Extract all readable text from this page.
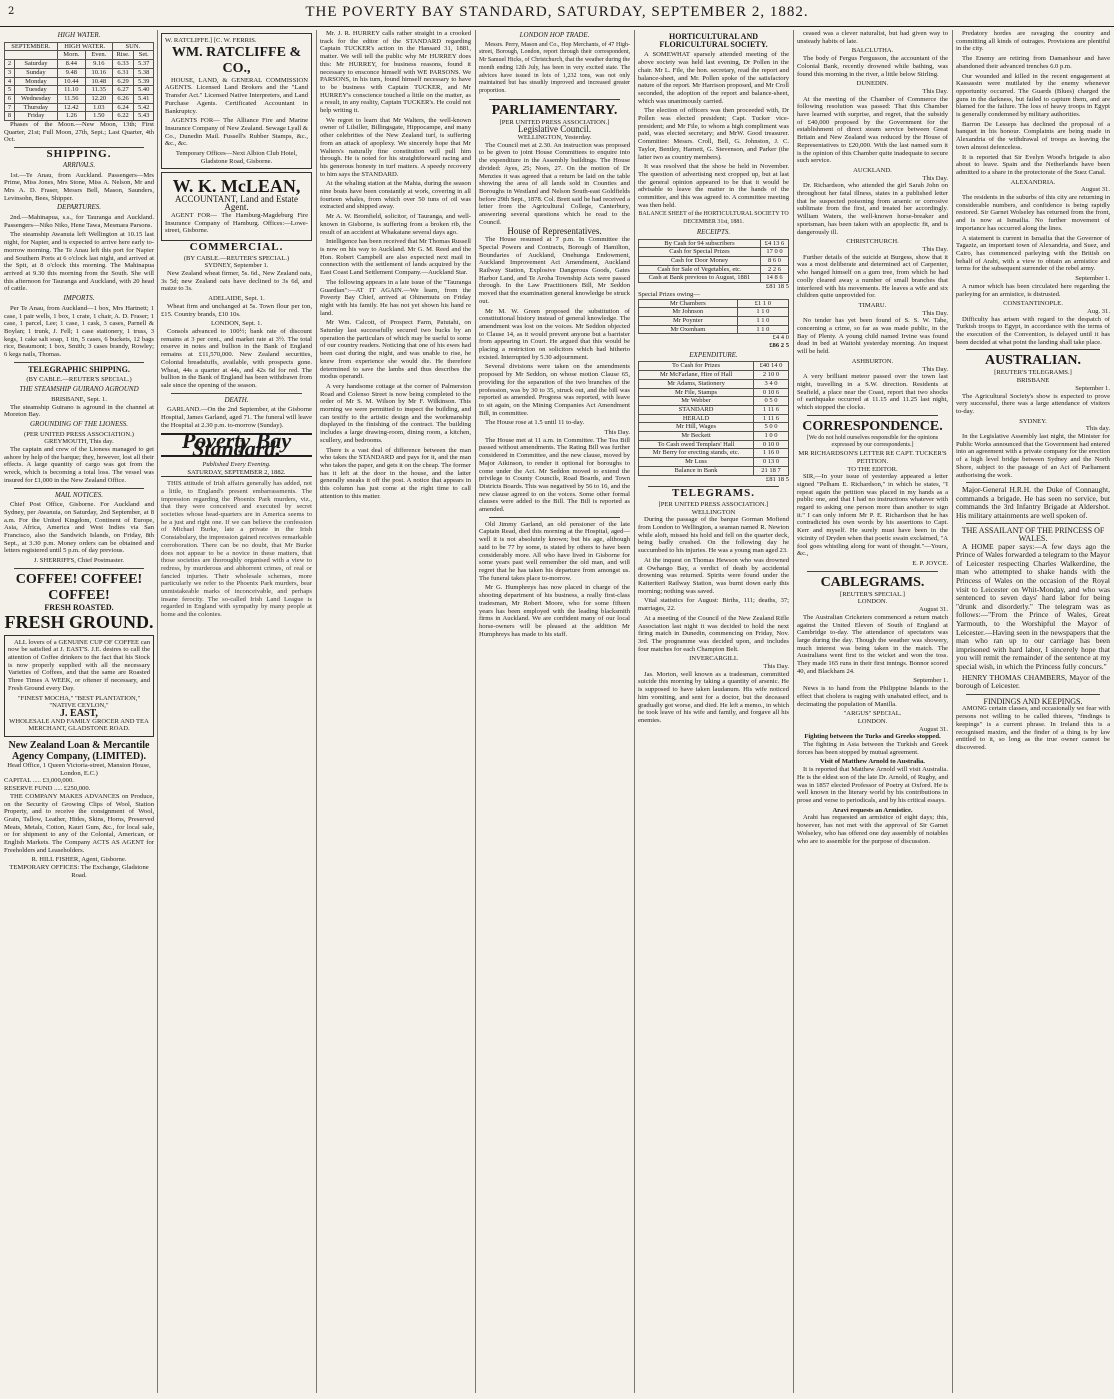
2	THE POVERTY BAY STANDARD, SATURDAY, SEPTEMBER 2, 1882.
HIGH WATER.
SEPTEMBER.		HIGH WATER.		SUN.	
		Morn.	Even.	Rise.	Set.
2	Saturday	8.44	9.16	6.33	5.37
3	Sunday	9.48	10.16	6.31	5.38
4	Monday	10.44	10.48	6.29	5.39
5	Tuesday	11.10	11.35	6.27	5.40
6	Wednesday	11.56	12.20	6.26	5.41
7	Thursday	12.42	1.03	6.24	5.42
8	Friday	1.26	1.50	6.22	5.43

Phases of the Moon.—New Moon, 13th; First Quarter, 21st; Full Moon, 27th, Sept.; Last Quarter, 4th Oct.

SHIPPING.
ARRIVALS.

1st.—Te Anau, from Auckland. Passengers—Mrs Prime, Miss Jones, Mrs Stone, Miss A. Nelson, Mr and Mrs A. D. Fraser, Messrs Bell, Mason, Saunders, Levinsohn, Bees, Shipper.

DEPARTURES.

2nd.—Mahinapua, s.s., for Tauranga and Auckland. Passengers—Niko Niko, Hene Tawa, Mesmara Parsons.

The steamship Awanuia left Wellington at 10.15 last night, for Napier, and is expected to arrive here early to-morrow morning. The Te Anau left this port for Napier and Southern Ports at 6 o'clock last night, and arrived at the Spit, at 8 o'clock this morning. The Mahinapua arrived at 9.30 this morning from the South. She will this afternoon for Tauranga and Auckland, with 20 head of cattle.

IMPORTS.

Per Te Anau, from Auckland—1 box, Mrs Hartnett; 1 case, 1 pair wells, 1 box, 1 crate, 1 chair, A. D. Fraser; 1 case, 1 parcel, Lee; 1 case, 1 cask, 3 cases, Parnell & Boylan; 1 trunk, J. Fell; 1 case stationery, 1 truss, 3 kegs, 1 cake salt soap, 1 tin, 5 cases, 6 buckets, 12 bags rice, Beaumont; 1 box, Smith; 3 cases brandy, Rowley; 6 kegs nails, Thomas.

TELEGRAPHIC SHIPPING.
(BY CABLE.—REUTER'S SPECIAL.)
THE STEAMSHIP GUIRANO AGROUND
BRISBANE, Sept. 1.

The steamship Guirano is aground in the channel at Moreton Bay.

GROUNDING OF THE LIONESS.
(PER UNITED PRESS ASSOCIATION.)
GREYMOUTH, This day.

The captain and crew of the Lioness managed to get ashore by help of the barque; they, however, lost all their effects. A large quantity of cargo was got from the wreck, which is becoming a total loss. The vessel was insured for £1,000 in the New Zealand Office.

MAIL NOTICES.

Chief Post Office, Gisborne. For Auckland and Sydney, per Awanuia, on Saturday, 2nd September, at 8 a.m. For the United Kingdom, Continent of Europe, Asia, Africa, America and West Indies via San Francisco, also the Sandwich Islands, on Friday, 8th Sept., at 3.30 p.m. Money orders can be obtained and letters registered until 5 p.m. of day previous.

J. SHERRIFFS, Chief Postmaster.
COFFEE! COFFEE! COFFEE!
FRESH ROASTED.
FRESH GROUND.

ALL lovers of a GENUINE CUP OF COFFEE can now be satisfied at J. EAST'S. J.E. desires to call the attention of Coffee drinkers to the fact that his Stock is now properly supplied with all the necessary Varieties of Coffees, and that the same are Roasted Three Times A WEEK, or oftener if necessary, and Fresh Ground every Day.

"FINEST MOCHA," "BEST PLANTATION," "NATIVE CEYLON,"
J. EAST,
WHOLESALE AND FAMILY GROCER AND TEA MERCHANT, GLADSTONE ROAD.
New Zealand Loan & Mercantile Agency Company, (LIMITED).
Head Office, 1 Queen Victoria-street, Mansion House, London, E.C.)
CAPITAL ..... £3,000,000.
RESERVE FUND ..... £250,000.

THE COMPANY MAKES ADVANCES on Produce, on the Security of Growing Clips of Wool, Station Property, and to receive the consignment of Wool, Grain, Tallow, Leather, Hides, Skins, Horns, Preserved Meats, Metals, Cotton, Kauri Gum, &c., for local sale, or for shipment to any of the Colonial, American, or English Markets. The Company ACTS AS AGENT for Freeholders and Leaseholders.

R. HILL FISHER, Agent, Gisborne.
TEMPORARY OFFICES: The Exchange, Gladstone Road.
W. RATCLIFFE.] [C. W. FERRIS.
WM. RATCLIFFE & CO.,

HOUSE, LAND, & GENERAL COMMISSION AGENTS. Licensed Land Brokers and the "Land Transfer Act." Licensed Native Interpreters, and Land Purchase Agents. Certificated Accountant in Bankruptcy.

AGENTS FOR— The Alliance Fire and Marine Insurance Company of New Zealand. Sewage Lyall & Co., Dunedin Mail. Fussell's Rubber Stamps, &c., &c., &c.

Temporary Offices—Next Albion Club Hotel, Gladstone Road, Gisborne.
W. K. McLEAN,
ACCOUNTANT, Land and Estate Agent.

AGENT FOR— The Hamburg-Magdeburg Fire Insurance Company of Hamburg. Offices:—Lowe-street, Gisborne.

COMMERCIAL.
(BY CABLE.—REUTER'S SPECIAL.)
SYDNEY, September 1.

New Zealand wheat firmer, 5s. 6d., New Zealand oats, 3s 5d; new Zealand oats have declined to 3s 6d, and maize to 3s.

ADELAIDE, Sept. 1.

Wheat firm and unchanged at 5s. Town flour per ton, £15. Country brands, £10 10s.

LONDON, Sept. 1.

Consols advanced to 100½; bank rate of discount remains at 3 per cent., and market rate at 3½. The total reserve in notes and bullion in the Bank of England remains at £11,570,000. New Zealand securities, Colonial breadstuffs, available, with prospects gone. Wheat, 44s a quarter at 44s, and 42s 6d for red. The bullion in the Bank of England has been withdrawn from sale since the opening of the season.

DEATH.

GARLAND.—On the 2nd September, at the Gisborne Hospital, James Garland, aged 71. The funeral will leave the Hospital at 2.30 p.m. to-morrow (Sunday).

Poverty Bay Standard.
Published Every Evening.
SATURDAY, SEPTEMBER 2, 1882.

THIS attitude of Irish affairs generally has added, not a little, to England's present embarrassments. The impression regarding the Phoenix Park murders, viz., that they were conceived and executed by secret societies whose head-quarters are in America seems to be a just and right one. If we can believe the confession of Michael Burke, late a private in the Irish Constabulary, the impression gained receives remarkable corroboration. There can be no doubt, that Mr Burke does not appear to be a novice in these matters, that those societies are thoroughly organised with a view to redress, by murderous and abhorrent crimes, of real or fancied injuries. Their wholesale schemes, more particularly we refer to the Phoenix Park murders, bear unmistakeable marks of inconceivable, and perhaps insane ferocity. The so-called Irish Land League is regarded in England with sympathy by many people at home and the colonies.

Mr. J. R. HURREY calls rather straight in a crooked track for the editor of the STANDARD regarding Captain TUCKER's action in the Hansard 31, 1881, matter. We will tell the public why Mr HURREY does this: Mr HURREY, for business reasons, found it necessary to ensconce himself with WE PARSONS. We PARSONS, in his turn, found himself necessary to have to be business with Captain TUCKER, and Mr HURREY's conscience touched a little on the matter, as a result, in any reality, Captain TUCKER's. He could not help writing it.

We regret to learn that Mr Walters, the well-known owner of Lilsiller, Billingsgate, Hippocampe, and many other celebrities of the New Zealand turf, is suffering from an attack of apoplexy. We sincerely hope that Mr Walters's naturally fine constitution will pull him through. He is noted for his straightforward racing and his generous honesty in turf matters. A speedy recovery to him says the STANDARD.

At the whaling station at the Mahia, during the season nine boats have been constantly at work, covering in all fourteen whales, from which over 50 tuns of oil was extracted and shipped away.

Mr A. W. Bromfield, solicitor, of Tauranga, and well-known in Gisborne, is suffering from a broken rib, the result of an accident at Whakatane several days ago.

Intelligence has been received that Mr Thomas Russell is now on his way to Auckland. Mr G. M. Reed and the Hon. Robert Campbell are also expected next mail in connection with the settlement of lands acquired by the East Coast Land Settlement Company.—Auckland Star.

The following appears in a late issue of the "Tauranga Guardian":—AT IT AGAIN.—We learn, from the Poverty Bay Chief, arrived at Ohinemutu on Friday night with his family. He has not yet shown his hand re land.

Mr Wm. Calcott, of Prospect Farm, Patutahi, on Saturday last successfully secured two bucks by an operation the particulars of which may be useful to some of our country readers. Noticing that one of his ewes had been cast during the night, and was unable to rise, he knew from experience she would die. He therefore determined to save the lambs and thus describes the modus operandi.

A very handsome cottage at the corner of Palmerston Road and Colenso Street is now being completed to the order of Mr S. M. Wilson by Mr F. Wilkinson. This morning we were permitted to inspect the building, and can testify to the artistic design and the workmanship displayed in the finishing of the contract. The building includes a large drawing-room, dining room, a kitchen, scullery, and bedrooms.

There is a vast deal of difference between the man who takes the STANDARD and pays for it, and the man who takes the paper, and gets it on the cheap. The former has it left at the door in the house, and the latter generally sneaks it off the post. A notice that appears in this column has just come at the right time to call attention to this matter.

LONDON HOP TRADE.

Messrs. Perry, Mason and Co., Hop Merchants, of 47 High-street, Borough, London, report through their correspondent, Mr Samuel Hicks, of Christchurch, that the weather during the month ending 12th July, has been in very excited state. The advices have issued in lots of 1,232 tons, was not only maintained but has steadily improved and increased greater proportion.

PARLIAMENTARY.
[PER UNITED PRESS ASSOCIATION.]
Legislative Council.
WELLINGTON, Yesterday.

The Council met at 2.30. An instruction was proposed to be given to joint House Committees to enquire into the expenditure in the Assembly buildings. The House divided: Ayes, 25; Noes, 27. On the motion of Dr Menzies it was agreed that a return be laid on the table showing the area of all lands sold in Counties and Boroughs in Westland and Nelson South-east Goldfields before 29th Sept., 1878. Col. Brett said he had received a letter from the Agricultural College, Canterbury, answering several questions which he read to the Council.

House of Representatives.

The House resumed at 7 p.m. In Committee the Special Powers and Contracts, Borough of Hamilton, Boundaries of Auckland, Onehunga Endowment, Auckland Improvement Act Amendment, Auckland Railway Station, Explosive Dangerous Goods, Gates Harbor Land, and Te Aroha Township Acts were passed through. In the Law Practitioners Bill, Mr Seddon moved that the examination general knowledge be struck out.

Mr M. W. Green proposed the substitution of constitutional history instead of general knowledge. The amendment was lost on the voices. Mr Seddon objected to Clause 14, as it would prevent anyone but a barrister from appearing in Court. He argued that this would be placing a restriction on solicitors which had hitherto existed. Interrupted by 5.30 adjournment.

Several divisions were taken on the amendments proposed by Mr Seddon, on whose motion Clause 65, providing for the separation of the two branches of the profession, was by 30 to 35, struck out, and the bill was reported as amended. Progress was reported, with leave to sit again, on the Mining Companies Act Amendment Bill, in committee.

The House rose at 1.5 until 11 to-day.

This Day.

The House met at 11 a.m. in Committee. The Tea Bill passed without amendments. The Rating Bill was further considered in Committee, and the new clause, moved by Major Atkinson, to render it optional for boroughs to come under the Act. Mr Seddon moved to extend the privilege to County Councils, Road Boards, and Town Districts Boards. This was negatived by 56 to 16, and the new clause agreed to on the voices. Some other formal clauses were added to the Bill. The Bill is reported as amended.

Old Jimmy Garland, an old pensioner of the late Captain Read, died this morning at the Hospital, aged—well it is not absolutely known; but his age, although said to be 77 by some, is stated by others to have been considerably more. All who have lived in Gisborne for some years past well remember the old man, and will regret that he has taken his departure from amongst us. The funeral takes place to-morrow.

Mr G. Humphreys has now placed in charge of the shooting department of his business, a really first-class tradesman, Mr Robert Moore, who for some fifteen years has been employed with the leading blacksmith firms in Auckland. We are confident many of our local horse-owners will be pleased at the addition Mr Humphreys has made to his staff.

HORTICULTURAL AND FLORICULTURAL SOCIETY.

A SOMEWHAT sparsely attended meeting of the above society was held last evening, Dr Pollen in the chair. Mr L. File, the hon. secretary, read the report and balance-sheet, and Mr. Pollen spoke of the satisfactory nature of the report. Mr Harrison proposed, and Mr Croll seconded, the adoption of the report and balance-sheet, which was unanimously carried.

The election of officers was then proceeded with, Dr Pollen was elected president; Capt. Tucker vice-president; and Mr File, to whom a high compliment was paid, was elected secretary; and MrW. Good treasurer. Committee: Messrs. Croll, Bell, G. Johnston, J. C. Taylor, Bentley, Harnett, G. Stevenson, and Parker (the latter two as country members).

It was resolved that the show be held in November. The question of advertising next cropped up, but at last the general opinion appeared to be that it would be advisable to leave the matter in the hands of the committee, and this was agreed to. A committee meeting was then held.

BALANCE SHEET of the HORTICULTURAL SOCIETY TO DECEMBER 31st, 1881.
RECEIPTS.
By Cash for 94 subscribers	£4 13 6
Cash for Special Prizes	17 0 0
Cash for Door Money	8 6 0
Cash for Sale of Vegetables, etc.	2 2 6
Cash at Bank previous to August, 1881	14 8 6
£81 18 5
Special Prizes owing—
Mr Chambers	£1 1 0
Mr Johnson	1 1 0
Mr Poynter	1 1 0
Mr Oxenham	1 1 0
£4 4 0
£86 2 5
EXPENDITURE.
To Cash for Prizes	£40 14 0
Mr McFarlane, Hire of Hall	2 10 0
Mr Adams, Stationery	3 4 0
Mr File, Stamps	0 10 6
Mr Webber	0 5 0
STANDARD	1 11 6
HERALD	1 11 6
Mr Hill, Wages	5 0 0
Mr Beckett	1 0 0
To Cash owed Templars' Hall	0 10 0
Mr Berry for erecting stands, etc.	1 16 0
Mr Luss	0 13 0
Balance in Bank	21 18 7
£81 18 5
TELEGRAMS.
[PER UNITED PRESS ASSOCIATION.]
WELLINGTON

During the passage of the barque Gorman Mofiend from London to Wellington, a seaman named R. Newton while aloft, missed his hold and fell on the quarter deck, being badly crushed. On the following day he succumbed to his injuries. He was a young man aged 23.

At the inquest on Thomas Hewson who was drowned at Owhango Bay, a verdict of death by accidental drowning was returned. Spirits were found under the Kaiteriteri Railway Station, was burnt down early this morning; nothing was saved.

Vital statistics for August: Births, 111; deaths, 37; marriages, 22.

At a meeting of the Council of the New Zealand Rifle Association last night it was decided to hold the next firing match in Dunedin, commencing on Friday, Nov. 3rd. The programme was decided upon, and includes four matches for each Champion Belt.

INVERCARGILL
This Day.

Jas. Morton, well known as a tradesman, committed suicide this morning by taking a quantity of arsenic. He is supposed to have taken laudanum. His wife noticed him vomiting, and sent for a doctor, but the deceased gradually got worse, and died. He left a memo., in which he took leave of his wife and family, and forgave all his enemies.

ceased was a clever naturalist, but had given way to unsteady habits of late.

BALCLUTHA.

The body of Fergus Fergusson, the accountant of the Colonial Bank, recently drowned while bathing, was found this morning in the river, a little below Stirling.

DUNEDIN.
This Day.

At the meeting of the Chamber of Commerce the following resolution was passed: That this Chamber have learned with surprise, and regret, that the subsidy of £40,000 proposed by the Government for the establishment of direct steam service between Great Britain and New Zealand was reduced by the House of Representatives to £20,000. With the last named sum it is the opinion of this Chamber quite inadequate to secure such service.

AUCKLAND.
This Day.

Dr. Richardson, who attended the girl Sarah John on throughout her fatal illness, states in a published letter that he suspected poisoning from arsenic or corrosive sublimate from the first, and treated her accordingly. William Waters, the well-known horse-breaker and sportsman, has been taken with an apoplectic fit, and is dangerously ill.

CHRISTCHURCH.
This Day.

Further details of the suicide at Burgess, show that it was a most deliberate and determined act of Carpenter, who hanged himself on a gum tree, from which he had coolly cleared away a number of small branches that interfered with his movements. He leaves a wife and six children quite unprovided for.

TIMARU.
This Day.

No tender has yet been found of S. S. W. Tabe, concerning a crime, so far as was made public, in the Bay of Plenty. A young child named Irvine was found dead in bed at Waitohi yesterday morning. An inquest will be held.

ASHBURTON.
This Day.

A very brilliant meteor passed over the town last night, travelling in a S.W. direction. Residents at Seafield, a place near the Coast, report that two shocks of earthquake occurred at 11.15 and 11.25 last night, which stopped the clocks.

CORRESPONDENCE.
[We do not hold ourselves responsible for the opinions expressed by our correspondents.]
MR RICHARDSON'S LETTER RE CAPT. TUCKER'S PETITION.
TO THE EDITOR.

SIR,—In your issue of yesterday appeared a letter signed "Pelham E. Richardson," in which he states, "I repeat again the petition was placed in my hands as a public one, and that I had no instructions whatever with regard to asking one person more than another to sign it." I can only inform Mr P. E. Richardson that he has contradicted his own words by his assertions to Capt. Kerr and myself. He surely must have been in the vicinity of Dryden when that poetic swain exclaimed, "A fool goes whistling along for want of thought."—Yours, &c.,

E. P. JOYCE.
CABLEGRAMS.
[REUTER'S SPECIAL.]
LONDON.
August 31.

The Australian Cricketers commenced a return match against the United Eleven of South of England at Cambridge to-day. The attendance of spectators was large during the day. Though the weather was showery, much interest was being taken in the match. The Australians went first to the wicket and won the toss. They made 165 runs in their first innings. Bonnor scored 40, and Blackham 24.

September 1.

News is to hand from the Philippine Islands to the effect that cholera is raging with unabated effect, and is decimating the population of Manilla.

"ARGUS" SPECIAL.
LONDON.
August 31.
Fighting between the Turks and Greeks stopped.

The fighting in Asia between the Turkish and Greek forces has been stopped by mutual agreement.

Visit of Matthew Arnold to Australia.

It is reported that Matthew Arnold will visit Australia. He is the eldest son of the late Dr. Arnold, of Rugby, and was in 1857 elected Professor of Poetry at Oxford. He is well known in the literary world by his contributions in prose and verse to periodicals, and by his critical essays.

Aravi requests an Armistice.

Arabi has requested an armistice of eight days; this, however, has not met with the approval of Sir Garnet Wolseley, who has offered one day assembly of notables who are to assemble for the purpose of discussion.

Predatory hordes are ravaging the country and committing all kinds of outrages. Provisions are plentiful in the city.

The Enemy are retiring from Damanhour and have abandoned their advanced trenches 6.0 p.m.

Our wounded and killed in the recent engagement at Kassassin were mutilated by the enemy whenever opportunity occurred. The Guards (Blues) charged the guns in the darkness, but failed to capture them, and are blamed for the failure. The loss of heavy troops in Egypt is generally condemned by military authorities.

Barron De Lesseps has declined the proposal of a banquet in his honour. Complaints are being made in Alexandria of the withdrawal of troops as leaving the town almost defenceless.

It is reported that Sir Evelyn Wood's brigade is also about to leave. Spain and the Netherlands have been admitted to a share in the protectorate of the Suez Canal.

ALEXANDRIA.
August 31.

The residents in the suburbs of this city are returning in considerable numbers, and confidence is being rapidly restored. Sir Garnet Wolseley has returned from the front, and is now at Ismailia. No further movement of importance has occurred along the lines.

A statement is current in Ismailia that the Governor of Tagaziz, an important town of Alexandria, and Suez, and Cairo, has commenced parleying with the British on behalf of Arabi, with a view to obtain an armistice and terms for the subsequent surrender of the rebel army.

September 1.

A rumor which has been circulated here regarding the parleying for an armistice, is distrusted.

CONSTANTINOPLE.
Aug. 31.

Difficulty has arisen with regard to the despatch of Turkish troops to Egypt, in accordance with the terms of the execution of the Convention, is delayed until it has been decided at what point the landing shall take place.

AUSTRALIAN.
[REUTER'S TELEGRAMS.]
BRISBANE
September 1.

The Agricultural Society's show is expected to prove very successful, there was a large attendance of visitors to-day.

SYDNEY.
This day.

In the Legislative Assembly last night, the Minister for Public Works announced that the Government had entered into an agreement with a private company for the erection of a high level bridge between Sydney and the North Shore, subject to the passage of an Act of Parliament authorising the work.

Major-General H.R.H. the Duke of Connaught, commands a brigade. He has seen no service, but commands the 3rd Infantry Brigade at Aldershot. His military attainments are well spoken of.

THE ASSAILANT OF THE PRINCESS OF WALES.

A HOME paper says:—A few days ago the Prince of Wales forwarded a telegram to the Mayor of Leicester respecting Charles Walkerdine, the man who attempted to shake hands with the Princess of Wales on the occasion of the Royal visit to Leicester on Whit-Monday, and who was sentenced to seven days' hard labor for being "drunk and disorderly." The telegram was as follows:—"From the Prince of Wales, Great Yarmouth, to the Worshipful the Mayor of Leicester.—Having seen in the newspapers that the man who ran up to our carriage has been imprisoned with hard labor, I sincerely hope that you will remit the remainder of the sentence at my special wish, in which the Princess fully concurs."

HENRY THOMAS CHAMBERS, Mayor of the borough of Leicester.

FINDINGS AND KEEPINGS.

AMONG certain classes, and occasionally we fear with persons not willing to be called thieves, "findings is keepings" is a current phrase. In Ireland this is a recognised maxim, and the finder of a thing is by law entitled to it, so long as the true owner cannot be discovered.
